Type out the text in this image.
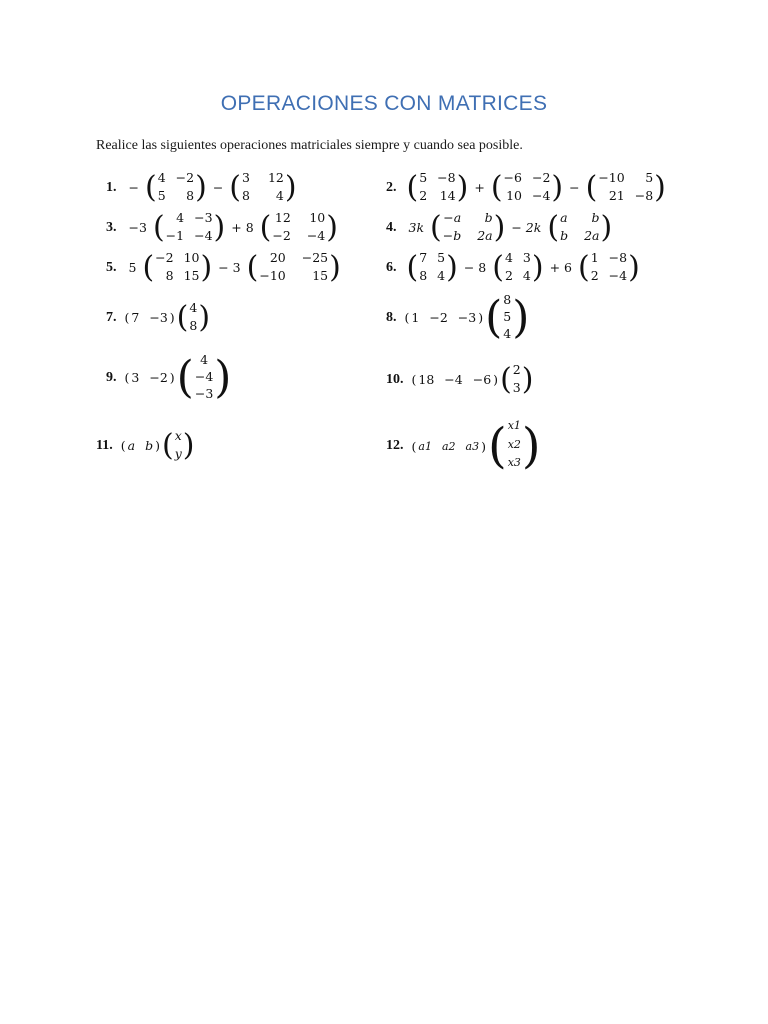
OPERACIONES CON MATRICES
Realice las siguientes operaciones matriciales siempre y cuando sea posible.
1. − ( 4 −2
5	8 ) − ( 3 12
8	4 )	2. ( 5 −8
2 14 ) + ( −6 −2
10 −4 ) − ( −10	5
21 −8 )
3. −3 ( 4 −3
−1 −4 ) + 8 ( 12 10
−2 −4 )	4. 3k ( −a	b
−b 2a ) − 2k ( a	b
b 2a )
5. 5 ( −2 10
8 15 ) − 3 ( 20 −25
−10	15 )	6. ( 7 5
8 4 ) − 8 ( 4 3
2 4 ) + 6 ( 1 −8
2 −4 )
7. ( 7 −3 ) ( 4
8 )	8. ( 1 −2 −3 ) ( 8
5
4 )
9. ( 3 −2 ) ( 4
−4
−3 )	10. ( 18 −4 −6 ) ( 2
3 )
11. ( a b ) ( x
y )	12. ( a1 a2 a3 ) ( x1
x2
x3 )
